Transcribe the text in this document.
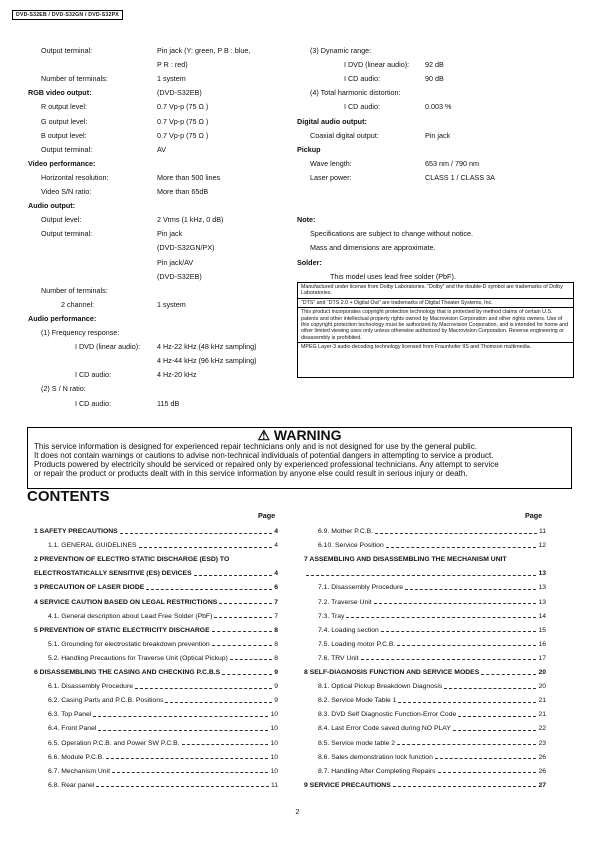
DVD-S32EB / DVD-S32GN / DVD-S32PX
Output terminal:	Pin jack (Y: green, P B : blue,
P R : red)
Number of terminals:	1 system
RGB video output:	(DVD-S32EB)
R output level:	0.7 Vp-p (75 Ω )
G output level:	0.7 Vp-p (75 Ω )
B output level:	0.7 Vp-p (75 Ω )
Output terminal:	AV
Video performance:
Horizontal resolution:	More than 500 lines
Video S/N ratio:	More than 65dB
Audio output:
Output level:	2 Vrms (1 kHz, 0 dB)
Output terminal:	Pin jack
(DVD-S32GN/PX)
Pin jack/AV
(DVD-S32EB)
Number of terminals:
2 channel:	1 system
Audio performance:
(1) Frequency response:
I DVD (linear audio): 4 Hz-22 kHz (48 kHz sampling)
4 Hz-44 kHz (96 kHz sampling)
I CD audio:	4 Hz-20 kHz
(2) S / N ratio:
I CD audio:	115 dB
(3) Dynamic range:
I DVD (linear audio): 92 dB
I CD audio:	90 dB
(4) Total harmonic distortion:
I CD audio:	0.003 %
Digital audio output:
Coaxial digital output:	Pin jack
Pickup
Wave length:	653 nm / 790 nm
Laser power:	CLASS 1 / CLASS 3A
Note:
Specifications are subject to change without notice.
Mass and dimensions are approximate.
Solder:
This model uses lead free solder (PbF).
Manufactured under license from Dolby Laboratories. “Dolby” and the double-D symbol are trademarks of Dolby Laboratories.
“DTS” and “DTS 2.0 + Digital Out” are trademarks of Digital Theater Systems, Inc.
This product incorporates copyright protection technology that is protected by method claims of certain U.S. patents and other intellectual property rights owned by Macrovision Corporation and other rights owners. Use of this copyright protection technology must be authorized by Macrovision Corporation, and is intended for home and other limited viewing uses only unless otherwise authorized by Macrovision Corporation. Reverse engineering or disassembly is prohibited.
MPEG Layer-3 audio decoding technology licensed from Fraunhofer IIS and Thomson multimedia.
⚠ WARNING
This service information is designed for experienced repair technicians only and is not designed for use by the general public.
It does not contain warnings or cautions to advise non-technical individuals of potential dangers in attempting to service a product.
Products powered by electricity should be serviced or repaired only by experienced professional technicians. Any attempt to service
or repair the product or products dealt with in this service information by anyone else could result in serious injury or death.
CONTENTS
Page	Page
1 SAFETY PRECAUTIONS	4
1.1. GENERAL GUIDELINES	4
2 PREVENTION OF ELECTRO STATIC DISCHARGE (ESD) TO
ELECTROSTATICALLY SENSITIVE (ES) DEVICES	4
3 PRECAUTION OF LASER DIODE	6
4 SERVICE CAUTION BASED ON LEGAL RESTRICTIONS	7
4.1. General description about Lead Free Solder (PbF)	7
5 PREVENTION OF STATIC ELECTRICITY DISCHARGE	8
5.1. Grounding for electrostatic breakdown prevention	8
5.2. Handling Precautions for Traverse Unit (Optical Pickup)	8
6 DISASSEMBLING THE CASING AND CHECKING P.C.B.S	9
6.1. Disassembly Procedure	9
6.2. Casing Parts and P.C.B. Positions	9
6.3. Top Panel	10
6.4. Front Panel	10
6.5. Operation P.C.B. and Power SW P.C.B.	10
6.6. Module P.C.B.	10
6.7. Mechanism Unit	10
6.8. Rear panel	11
6.9. Mother P.C.B.	11
6.10. Service Position	12
7 ASSEMBLING AND DISASSEMBLING THE MECHANISM UNIT
13
7.1. Disassembly Procedure	13
7.2. Traverse Unit	13
7.3. Tray	14
7.4. Loading section	15
7.5. Loading motor P.C.B.	16
7.6. TRV Unit	17
8 SELF-DIAGNOSIS FUNCTION AND SERVICE MODES	20
8.1. Optical Pickup Breakdown Diagnosis	20
8.2. Service Mode Table 1	21
8.3. DVD Self Diagnostic Function-Error Code	21
8.4. Last Error Code saved during NO PLAY	22
8.5. Service mode table 2	23
8.6. Sales demonstration lock function	26
8.7. Handling After Completing Repairs	26
9 SERVICE PRECAUTIONS	27
2
